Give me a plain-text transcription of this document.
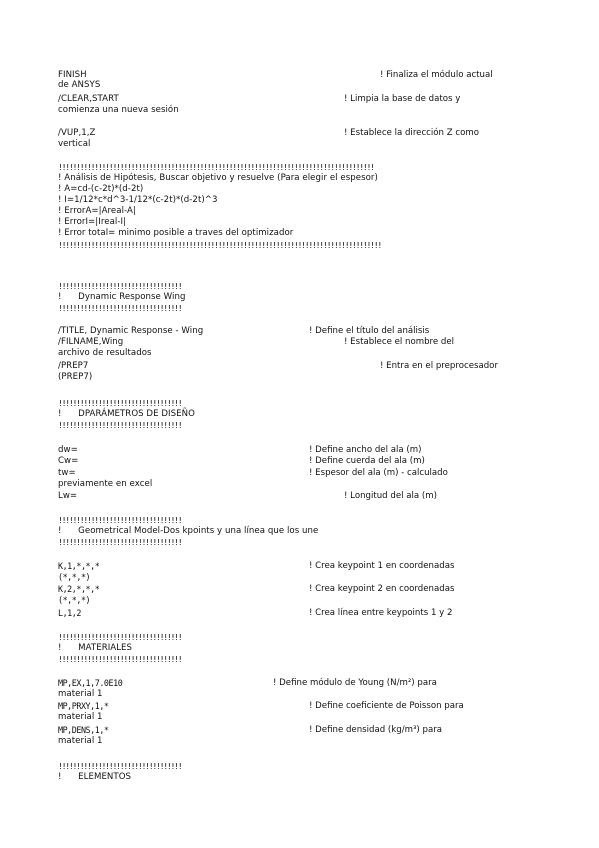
FINISH
de ANSYS
/CLEAR,START
comienza una nueva sesión
/VUP,1,Z
vertical
!!!!!!!!!!!!!!!!!!!!!!!!!!!!!!!!!!!!!!!!!!!!!!!!!!!!!!!!!!!!!!!!!!!!!!!!!!!!!!!!!!!!!!!
! Análisis de Hipótesis, Buscar objetivo y resuelve (Para elegir el espesor)
! A=cd-(c-2t)*(d-2t)
! I=1/12*c*d^3-1/12*(c-2t)*(d-2t)^3
! ErrorA=|Areal-A|
! ErrorI=|Ireal-I|
! Error total= minimo posible a traves del optimizador
!!!!!!!!!!!!!!!!!!!!!!!!!!!!!!!!!!!!!!!!!!!!!!!!!!!!!!!!!!!!!!!!!!!!!!!!!!!!!!!!!!!!!!!!!
!!!!!!!!!!!!!!!!!!!!!!!!!!!!!!!!!!
!      Dynamic Response Wing
!!!!!!!!!!!!!!!!!!!!!!!!!!!!!!!!!!
/TITLE, Dynamic Response - Wing
/FILNAME,Wing
archivo de resultados
/PREP7
(PREP7)
!!!!!!!!!!!!!!!!!!!!!!!!!!!!!!!!!!
!      DPARÁMETROS DE DISEÑO
!!!!!!!!!!!!!!!!!!!!!!!!!!!!!!!!!!
dw=
Cw=
tw=
previamente en excel
Lw=
!!!!!!!!!!!!!!!!!!!!!!!!!!!!!!!!!!
!      Geometrical Model-Dos kpoints y una línea que los une
!!!!!!!!!!!!!!!!!!!!!!!!!!!!!!!!!!
K,1,*,*,*
(*,*,*)
K,2,*,*,*
(*,*,*)
L,1,2
!!!!!!!!!!!!!!!!!!!!!!!!!!!!!!!!!!
!      MATERIALES
!!!!!!!!!!!!!!!!!!!!!!!!!!!!!!!!!!
MP,EX,1,7.0E10
material 1
MP,PRXY,1,*
material 1
MP,DENS,1,*
material 1
!!!!!!!!!!!!!!!!!!!!!!!!!!!!!!!!!!
!      ELEMENTOS
! Finaliza el módulo actual
! Limpia la base de datos y
! Establece la dirección Z como
! Define el título del análisis
! Establece el nombre del
! Entra en el preprocesador
! Define ancho del ala (m)
! Define cuerda del ala (m)
! Espesor del ala (m) - calculado
! Longitud del ala (m)
! Crea keypoint 1 en coordenadas
! Crea keypoint 2 en coordenadas
! Crea línea entre keypoints 1 y 2
! Define módulo de Young (N/m²) para
! Define coeficiente de Poisson para
! Define densidad (kg/m³) para
